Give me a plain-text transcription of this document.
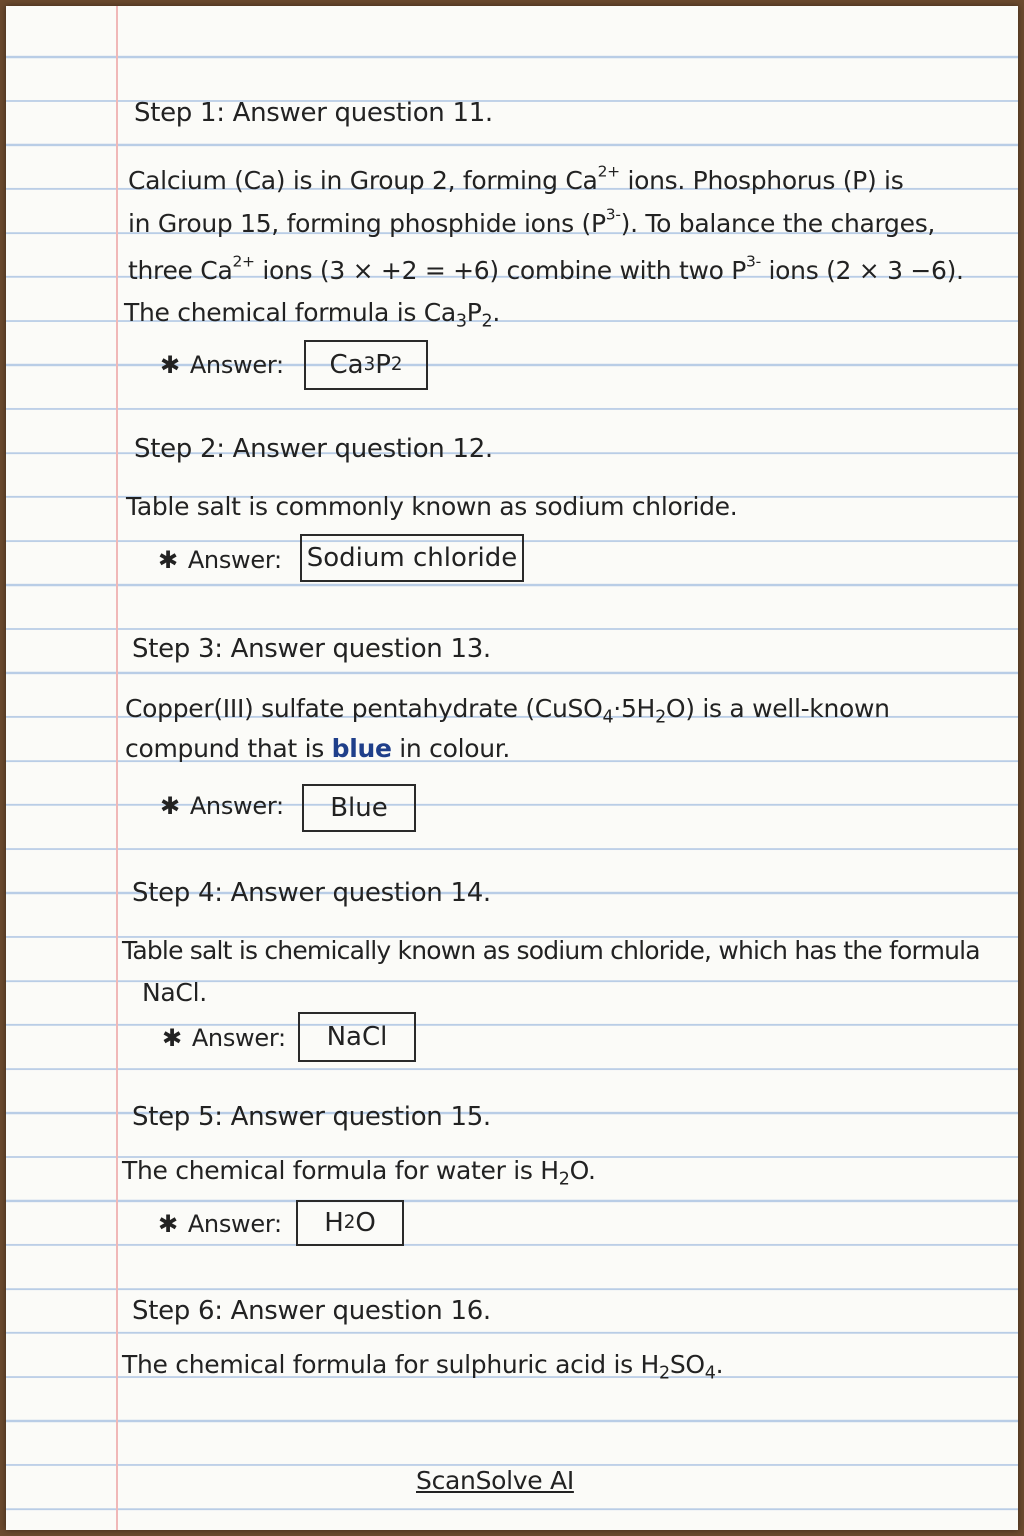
Step 1: Answer question 11.

Calcium (Ca) is in Group 2, forming $Ca^{2+}$ ions. Phosphorus (P) is

in Group 15, forming phosphide ions $(P^{3-})$. To balance the charges,

three $Ca^{2+}$ ions (3 × +2 = +6) combine with two $P^{3-}$ ions (2 × 3 −6).

The chemical formula is $Ca_3P_2$.

✱ Answer: Ca 3 P 2

Step 2: Answer question 12.

Table salt is commonly known as sodium chloride.

✱ Answer: Sodium chloride

Step 3: Answer question 13.

Copper(III) sulfate pentahydrate $(CuSO_4\cdot 5H_2O)$ is a well-known

compund that is blue in colour.

✱ Answer:	Blue

Step 4: Answer question 14.

Table salt is chemically known as sodium chloride, which has the formula

NaCl.

✱ Answer:	NaCl

Step 5: Answer question 15.

The chemical formula for water is $H_2O$.

✱ Answer: H 2 O

Step 6: Answer question 16.

The chemical formula for sulphuric acid is $H_2SO_4$.

ScanSolve AI
